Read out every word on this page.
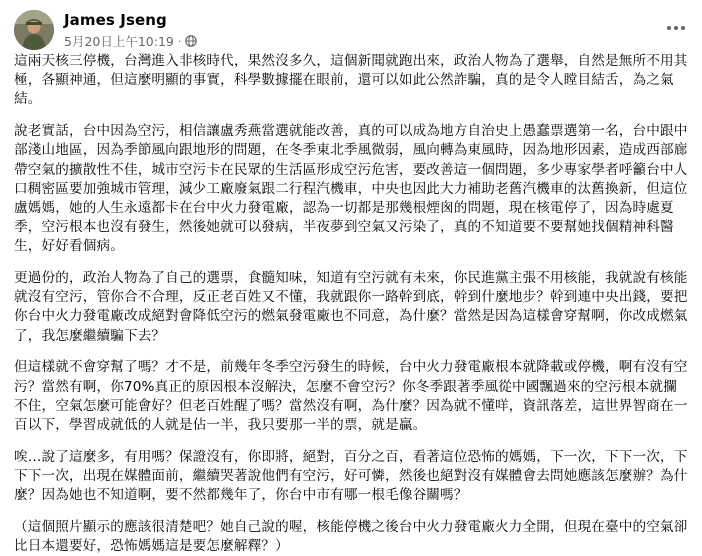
James Jseng
5月20日上午10:19 ·

這兩天核三停機，台灣進入非核時代，果然沒多久，這個新聞就跑出來，政治人物為了選舉，自然是無所不用其極，各顯神通，但這麼明顯的事實，科學數據擺在眼前，還可以如此公然詐騙，真的是令人瞠目結舌，為之氣結。

說老實話，台中因為空污，相信讓盧秀燕當選就能改善，真的可以成為地方自治史上愚蠢票選第一名，台中跟中部淺山地區，因為季節風向跟地形的問題，在冬季東北季風微弱，風向轉為東風時，因為地形因素，造成西部廊帶空氣的擴散性不佳，城市空污卡在民眾的生活區形成空污危害，要改善這一個問題，多少專家學者呼籲台中人口稠密區要加強城市管理，減少工廠廢氣跟二行程汽機車，中央也因此大力補助老舊汽機車的汰舊換新，但這位盧媽媽，她的人生永遠都卡在台中火力發電廠，認為一切都是那幾根煙囪的問題，現在核電停了，因為時處夏季，空污根本也沒有發生，然後她就可以發病，半夜夢到空氣又污染了，真的不知道要不要幫她找個精神科醫生，好好看個病。

更過份的，政治人物為了自己的選票，食髓知味，知道有空污就有未來，你民進黨主張不用核能，我就說有核能就沒有空污，管你合不合理，反正老百姓又不懂，我就跟你一路幹到底，幹到什麼地步？幹到連中央出錢，要把你台中火力發電廠改成絕對會降低空污的燃氣發電廠也不同意，為什麼？當然是因為這樣會穿幫啊，你改成燃氣了，我怎麼繼續騙下去？

但這樣就不會穿幫了嗎？才不是，前幾年冬季空污發生的時候，台中火力發電廠根本就降載或停機，啊有沒有空污？當然有啊，你70%真正的原因根本沒解決，怎麼不會空污？你冬季跟著季風從中國飄過來的空污根本就攔不住，空氣怎麼可能會好？但老百姓醒了嗎？當然沒有啊，為什麼？因為就不懂咩，資訊落差，這世界智商在一百以下，學習成就低的人就是佔一半，我只要那一半的票，就是贏。

唉…說了這麼多，有用嗎？保證沒有，你即將，絕對，百分之百，看著這位恐怖的媽媽，下一次，下下一次，下下下一次，出現在媒體面前，繼續哭著說他們有空污，好可憐，然後也絕對沒有媒體會去問她應該怎麼辦？為什麼？因為她也不知道啊，要不然都幾年了，你台中市有哪一根毛像谷關嗎？

（這個照片顯示的應該很清楚吧？她自己說的喔，核能停機之後台中火力發電廠火力全開，但現在臺中的空氣卻比日本還要好，恐怖媽媽這是要怎麼解釋？）
